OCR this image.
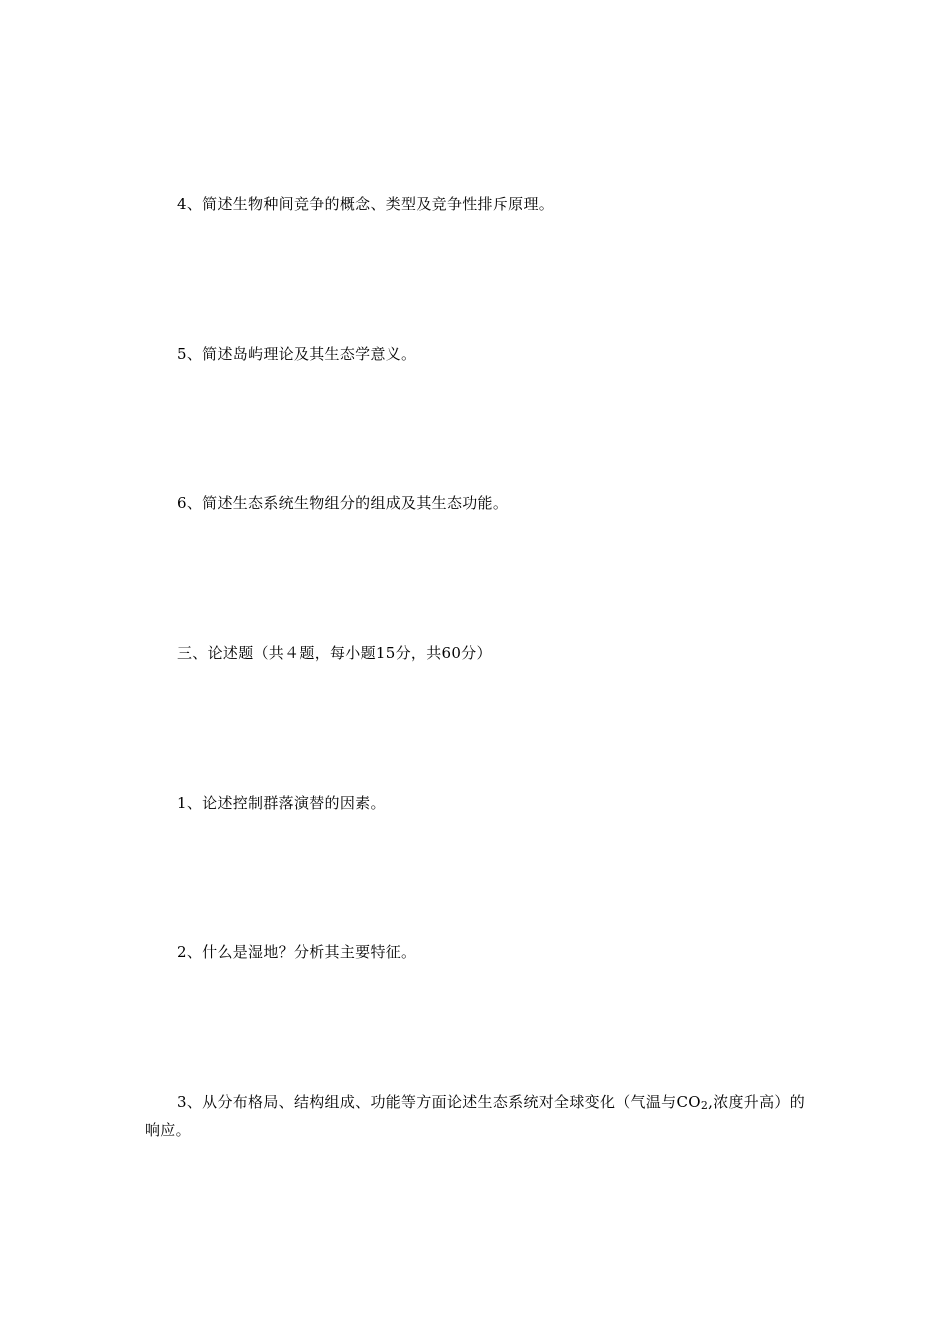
4、简述生物种间竞争的概念、类型及竞争性排斥原理。
5、简述岛屿理论及其生态学意义。
6、简述生态系统生物组分的组成及其生态功能。
三、论述题（共４题，每小题15分，共60分）
1、论述控制群落演替的因素。
2、什么是湿地？分析其主要特征。
3、从分布格局、结构组成、功能等方面论述生态系统对全球变化（气温与CO2,浓度升高）的响应。
